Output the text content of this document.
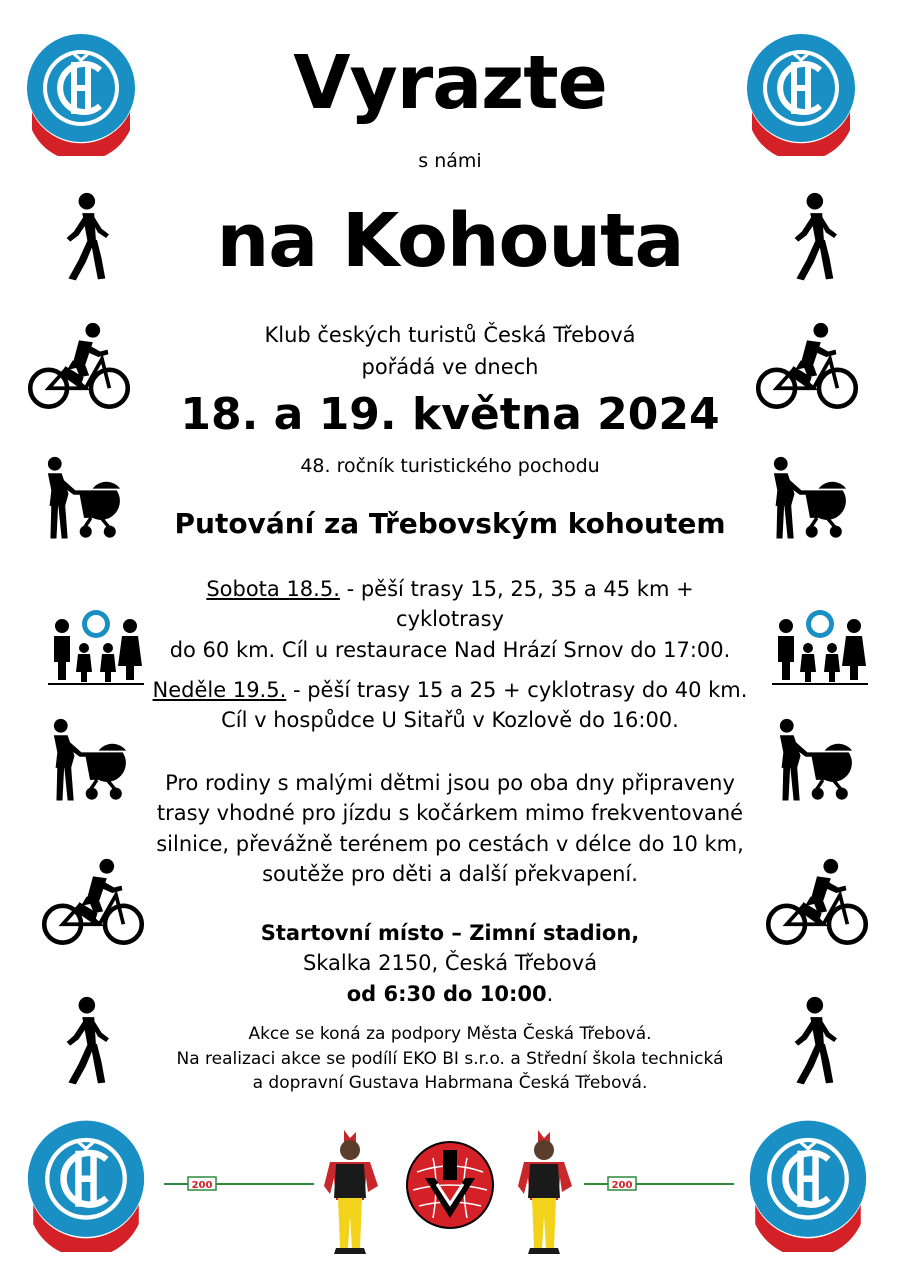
Vyrazte
s námi
na Kohouta
Klub českých turistů Česká Třebová
pořádá ve dnech
18. a 19. května 2024
48. ročník turistického pochodu
Putování za Třebovským kohoutem
Sobota 18.5. - pěší trasy 15, 25, 35 a 45 km + cyklotrasy
do 60 km. Cíl u restaurace Nad Hrází Srnov do 17:00.
Neděle 19.5. - pěší trasy 15 a 25 + cyklotrasy do 40 km.
Cíl v hospůdce U Sitařů v Kozlově do 16:00.
Pro rodiny s malými dětmi jsou po oba dny připraveny
trasy vhodné pro jízdu s kočárkem mimo frekventované
silnice, převážně terénem po cestách v délce do 10 km,
soutěže pro děti a další překvapení.
Startovní místo – Zimní stadion,
Skalka 2150, Česká Třebová
od 6:30 do 10:00.
Akce se koná za podpory Města Česká Třebová.
Na realizaci akce se podílí EKO BI s.r.o. a Střední škola technická
a dopravní Gustava Habrmana Česká Třebová.
200	200
